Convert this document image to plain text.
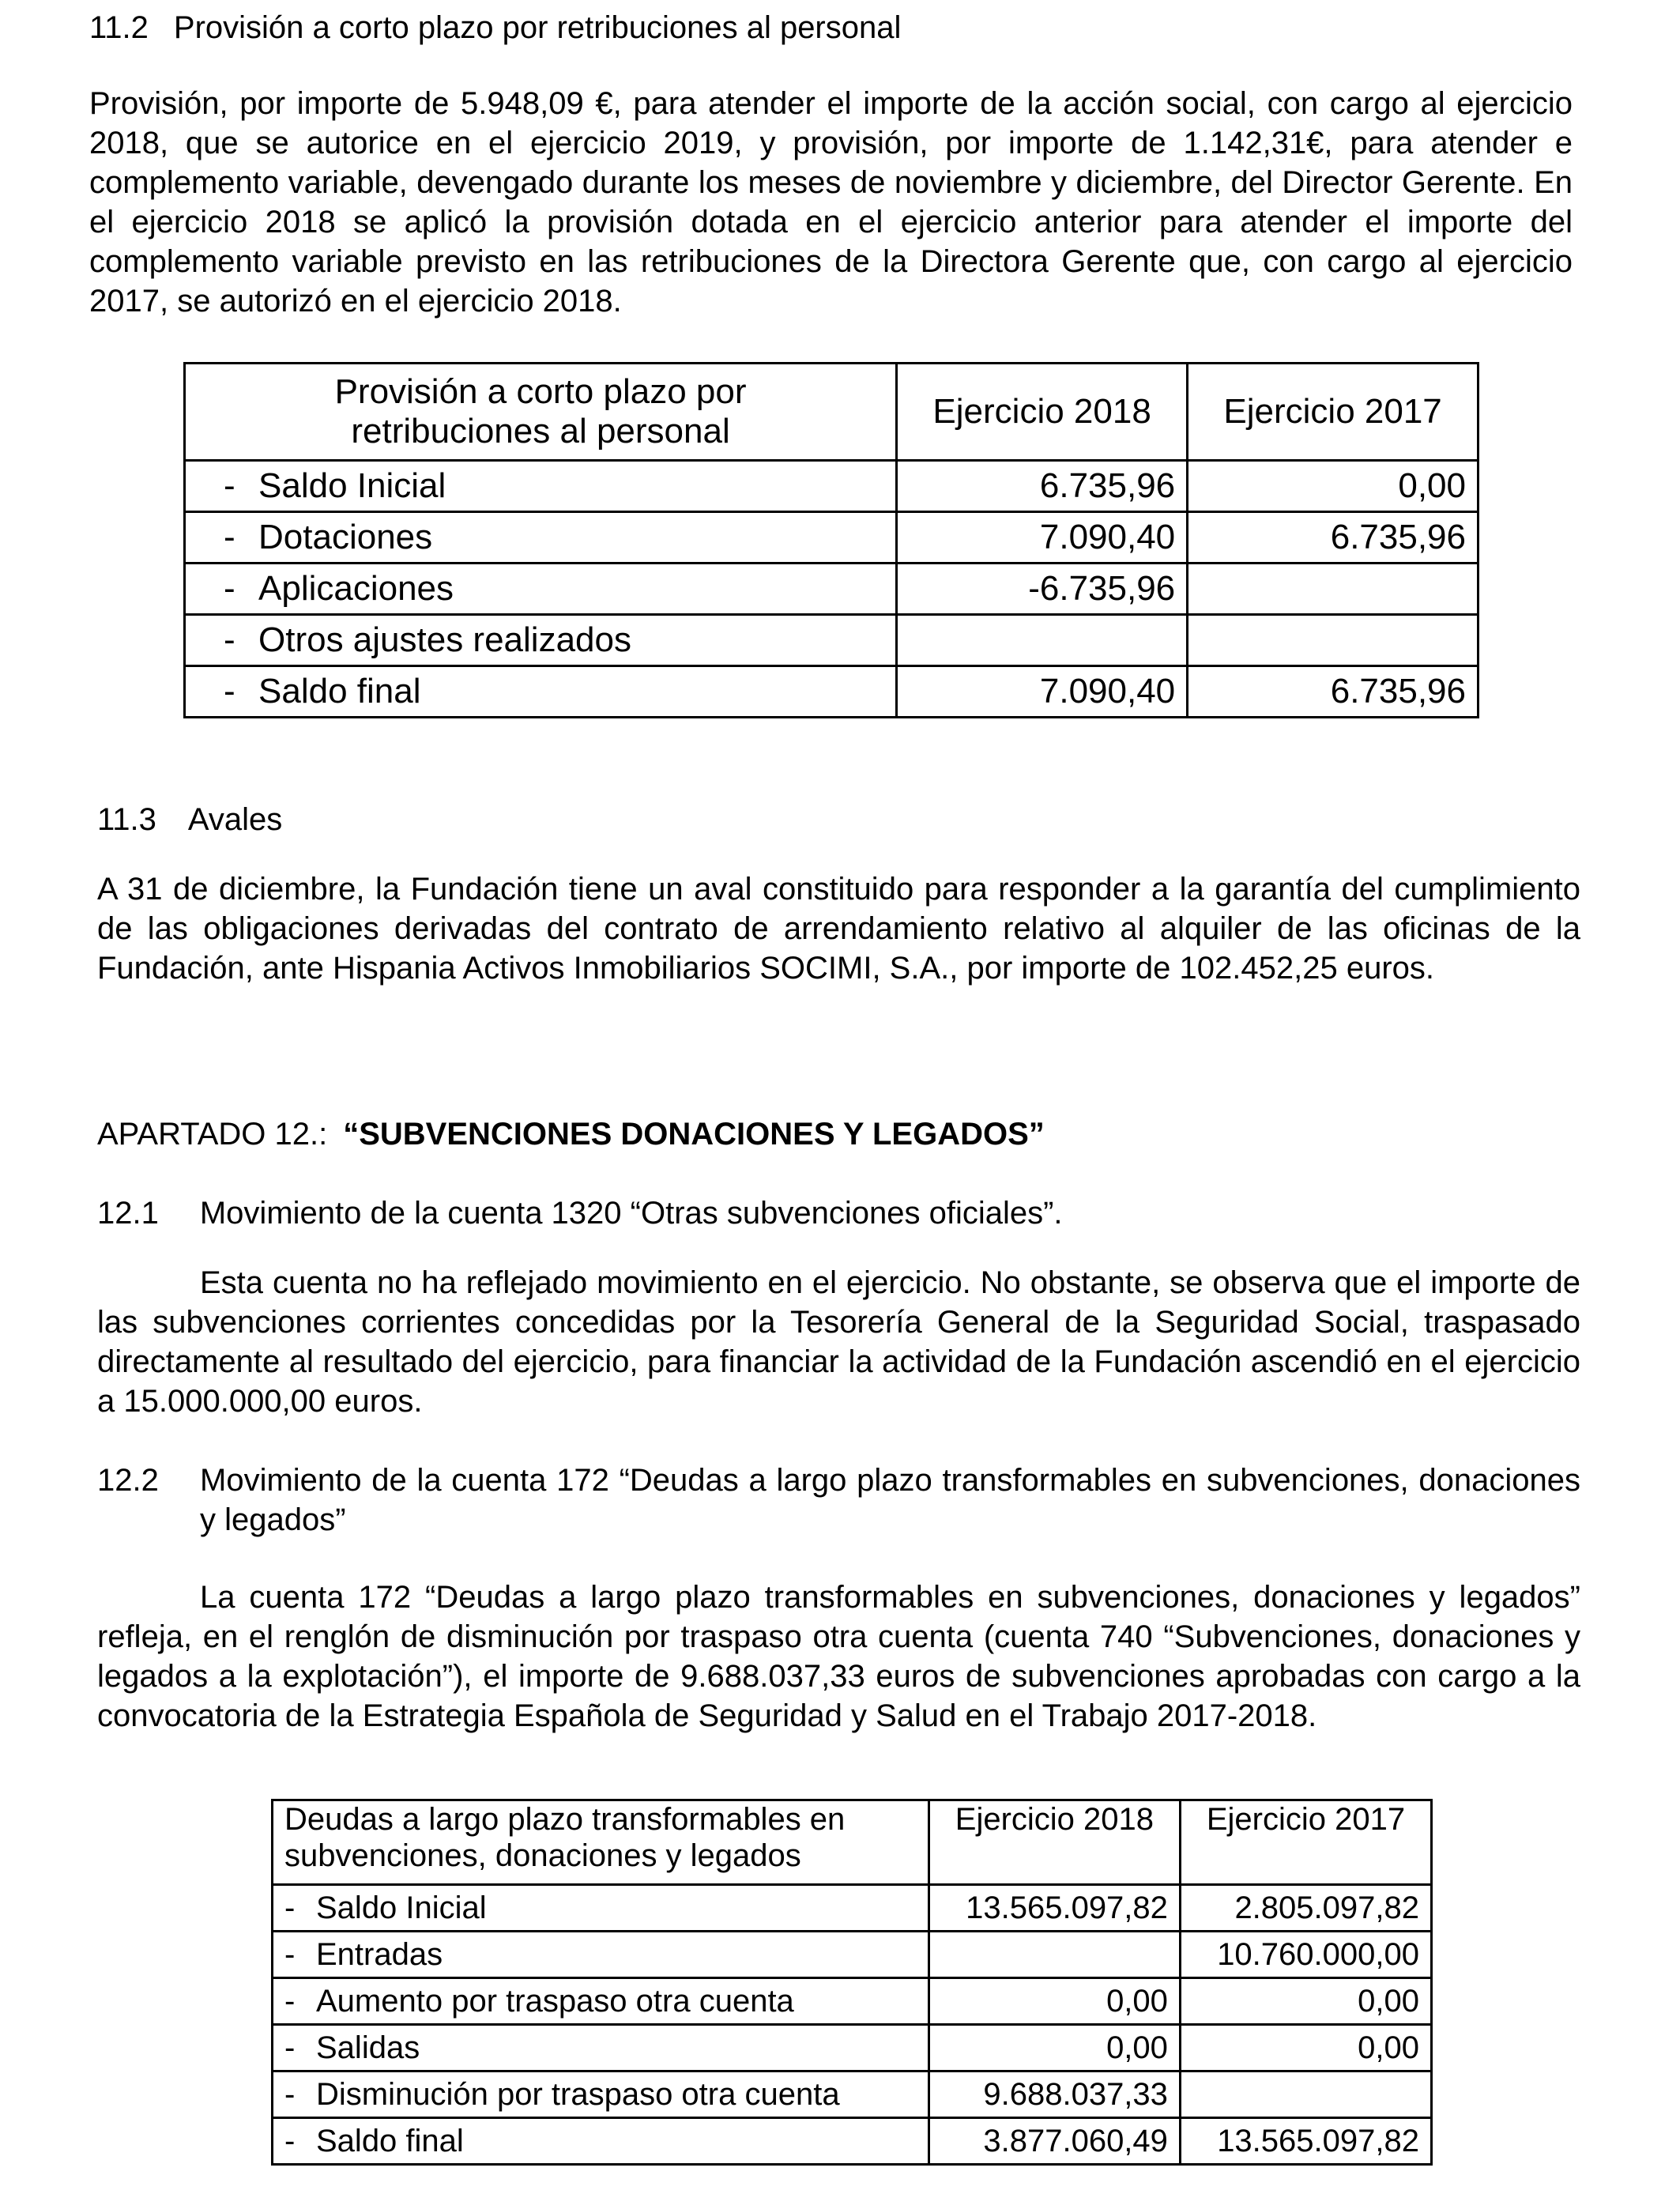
11.2 Provisión a corto plazo por retribuciones al personal
Provisión, por importe de 5.948,09 €, para atender el importe de la acción social, con cargo al ejercicio 2018, que se autorice en el ejercicio 2019, y provisión, por importe de 1.142,31€, para atender e complemento variable, devengado durante los meses de noviembre y diciembre, del Director Gerente. En el ejercicio 2018 se aplicó la provisión dotada en el ejercicio anterior para atender el importe del complemento variable previsto en las retribuciones de la Directora Gerente que, con cargo al ejercicio 2017, se autorizó en el ejercicio 2018.
Provisión a corto plazo por
retribuciones al personal	Ejercicio 2018	Ejercicio 2017
- Saldo Inicial	6.735,96	0,00
- Dotaciones	7.090,40	6.735,96
- Aplicaciones	-6.735,96	
- Otros ajustes realizados		
- Saldo final	7.090,40	6.735,96
11.3 Avales
A 31 de diciembre, la Fundación tiene un aval constituido para responder a la garantía del cumplimiento de las obligaciones derivadas del contrato de arrendamiento relativo al alquiler de las oficinas de la Fundación, ante Hispania Activos Inmobiliarios SOCIMI, S.A., por importe de 102.452,25 euros.
APARTADO 12.: “SUBVENCIONES DONACIONES Y LEGADOS”
12.1 Movimiento de la cuenta 1320 “Otras subvenciones oficiales”.
Esta cuenta no ha reflejado movimiento en el ejercicio. No obstante, se observa que el importe de las subvenciones corrientes concedidas por la Tesorería General de la Seguridad Social, traspasado directamente al resultado del ejercicio, para financiar la actividad de la Fundación ascendió en el ejercicio a 15.000.000,00 euros.
12.2 Movimiento de la cuenta 172 “Deudas a largo plazo transformables en subvenciones, donaciones y legados”
La cuenta 172 “Deudas a largo plazo transformables en subvenciones, donaciones y legados” refleja, en el renglón de disminución por traspaso otra cuenta (cuenta 740 “Subvenciones, donaciones y legados a la explotación”), el importe de 9.688.037,33 euros de subvenciones aprobadas con cargo a la convocatoria de la Estrategia Española de Seguridad y Salud en el Trabajo 2017-2018.
Deudas a largo plazo transformables en
subvenciones, donaciones y legados	Ejercicio 2018	Ejercicio 2017
- Saldo Inicial	13.565.097,82	2.805.097,82
- Entradas		10.760.000,00
- Aumento por traspaso otra cuenta	0,00	0,00
- Salidas	0,00	0,00
- Disminución por traspaso otra cuenta	9.688.037,33	
- Saldo final	3.877.060,49	13.565.097,82
